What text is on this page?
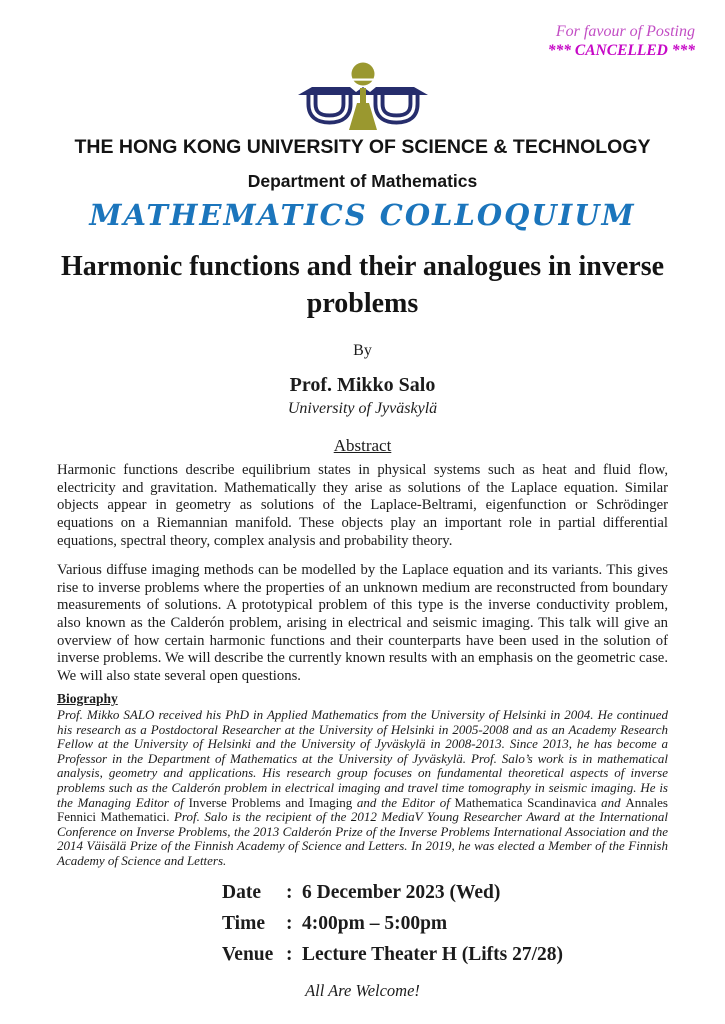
For favour of Posting
*** CANCELLED ***
THE HONG KONG UNIVERSITY OF SCIENCE & TECHNOLOGY
Department of Mathematics
MATHEMATICS COLLOQUIUM
Harmonic functions and their analogues in inverse problems
By
Prof. Mikko Salo
University of Jyväskylä
Abstract
Harmonic functions describe equilibrium states in physical systems such as heat and fluid flow, electricity and gravitation. Mathematically they arise as solutions of the Laplace equation. Similar objects appear in geometry as solutions of the Laplace-Beltrami, eigenfunction or Schrödinger equations on a Riemannian manifold. These objects play an important role in partial differential equations, spectral theory, complex analysis and probability theory.
Various diffuse imaging methods can be modelled by the Laplace equation and its variants. This gives rise to inverse problems where the properties of an unknown medium are reconstructed from boundary measurements of solutions. A prototypical problem of this type is the inverse conductivity problem, also known as the Calderón problem, arising in electrical and seismic imaging. This talk will give an overview of how certain harmonic functions and their counterparts have been used in the solution of inverse problems. We will describe the currently known results with an emphasis on the geometric case. We will also state several open questions.
Biography
Prof. Mikko SALO received his PhD in Applied Mathematics from the University of Helsinki in 2004. He continued his research as a Postdoctoral Researcher at the University of Helsinki in 2005-2008 and as an Academy Research Fellow at the University of Helsinki and the University of Jyväskylä in 2008-2013. Since 2013, he has become a Professor in the Department of Mathematics at the University of Jyväskylä. Prof. Salo’s work is in mathematical analysis, geometry and applications. His research group focuses on fundamental theoretical aspects of inverse problems such as the Calderón problem in electrical imaging and travel time tomography in seismic imaging. He is the Managing Editor of Inverse Problems and Imaging and the Editor of Mathematica Scandinavica and Annales Fennici Mathematici. Prof. Salo is the recipient of the 2012 MediaV Young Researcher Award at the International Conference on Inverse Problems, the 2013 Calderón Prize of the Inverse Problems International Association and the 2014 Väisälä Prize of the Finnish Academy of Science and Letters. In 2019, he was elected a Member of the Finnish Academy of Science and Letters.
Date	: 6 December 2023 (Wed)
Time	: 4:00pm – 5:00pm
Venue : Lecture Theater H (Lifts 27/28)
All Are Welcome!
